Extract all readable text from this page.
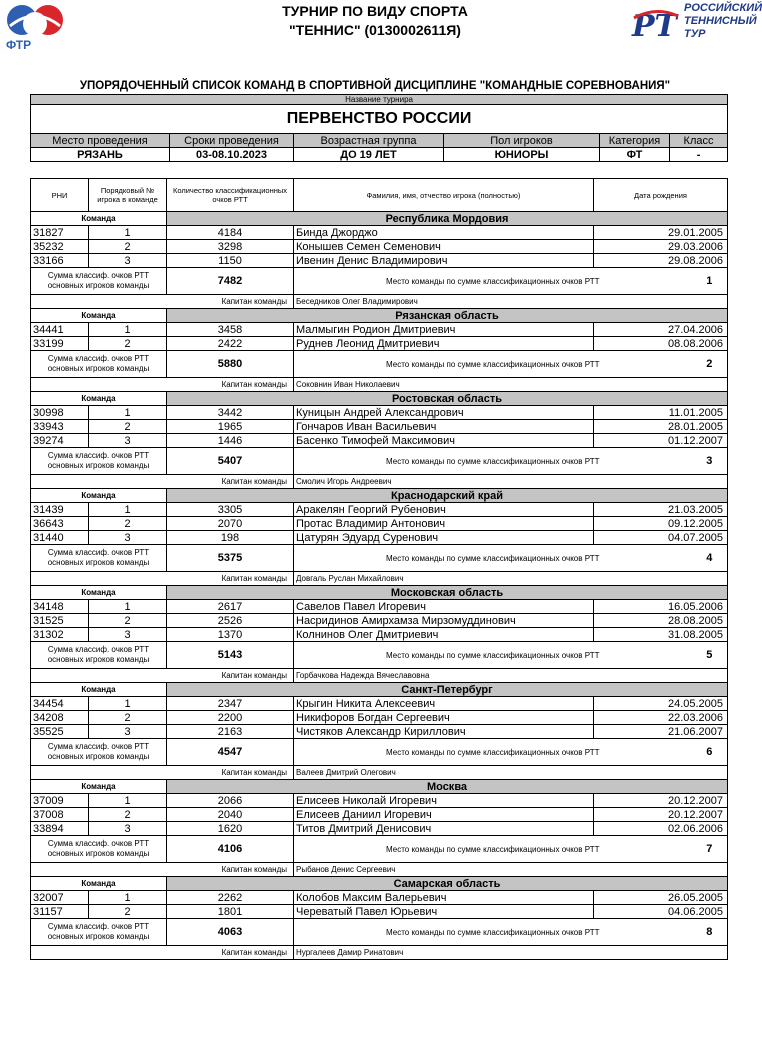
ФТР
ТУРНИР ПО ВИДУ СПОРТА
"ТЕННИС" (0130002611Я)	РТ
РОССИЙСКИЙ
ТЕННИСНЫЙ
ТУР
УПОРЯДОЧЕННЫЙ СПИСОК КОМАНД В СПОРТИВНОЙ ДИСЦИПЛИНЕ "КОМАНДНЫЕ СОРЕВНОВАНИЯ"
Название турнира					
ПЕРВЕНСТВО РОССИИ					
Место проведения	Сроки проведения	Возрастная группа	Пол игроков	Категория	Класс
РЯЗАНЬ	03-08.10.2023	ДО 19 ЛЕТ	ЮНИОРЫ	ФТ	-
РНИ	Порядковый № игрока в команде	Количество классификационных очков РТТ	Фамилия, имя, отчество игрока (полностью)	Дата рождения	
Команда		Республика Мордовия			
31827	1	4184	Бинда Джорджо	29.01.2005	
35232	2	3298	Конышев Семен Семенович	29.03.2006	
33166	3	1150	Ивенин Денис Владимирович	29.08.2006	
Сумма классиф. очков РТТ основных игроков команды		7482	Место команды по сумме классификационных очков РТТ		1
Капитан команды			Беседников Олег Владимирович		
Команда		Рязанская область			
34441	1	3458	Малмыгин Родион Дмитриевич	27.04.2006	
33199	2	2422	Руднев Леонид Дмитриевич	08.08.2006	
Сумма классиф. очков РТТ основных игроков команды		5880	Место команды по сумме классификационных очков РТТ		2
Капитан команды			Соковнин Иван Николаевич		
Команда		Ростовская область			
30998	1	3442	Куницын Андрей Александрович	11.01.2005	
33943	2	1965	Гончаров Иван Васильевич	28.01.2005	
39274	3	1446	Басенко Тимофей Максимович	01.12.2007	
Сумма классиф. очков РТТ основных игроков команды		5407	Место команды по сумме классификационных очков РТТ		3
Капитан команды			Смолич Игорь Андреевич		
Команда		Краснодарский край			
31439	1	3305	Аракелян Георгий Рубенович	21.03.2005	
36643	2	2070	Протас Владимир Антонович	09.12.2005	
31440	3	198	Цатурян Эдуард Суренович	04.07.2005	
Сумма классиф. очков РТТ основных игроков команды		5375	Место команды по сумме классификационных очков РТТ		4
Капитан команды			Довгаль Руслан Михайлович		
Команда		Московская область			
34148	1	2617	Савелов Павел Игоревич	16.05.2006	
31525	2	2526	Насридинов Амирхамза Мирзомуддинович	28.08.2005	
31302	3	1370	Колнинов Олег Дмитриевич	31.08.2005	
Сумма классиф. очков РТТ основных игроков команды		5143	Место команды по сумме классификационных очков РТТ		5
Капитан команды			Горбачкова Надежда Вячеславовна		
Команда		Санкт-Петербург			
34454	1	2347	Крыгин Никита Алексеевич	24.05.2005	
34208	2	2200	Никифоров Богдан Сергеевич	22.03.2006	
35525	3	2163	Чистяков Александр Кириллович	21.06.2007	
Сумма классиф. очков РТТ основных игроков команды		4547	Место команды по сумме классификационных очков РТТ		6
Капитан команды			Валеев Дмитрий Олегович		
Команда		Москва			
37009	1	2066	Елисеев Николай Игоревич	20.12.2007	
37008	2	2040	Елисеев Даниил Игоревич	20.12.2007	
33894	3	1620	Титов Дмитрий Денисович	02.06.2006	
Сумма классиф. очков РТТ основных игроков команды		4106	Место команды по сумме классификационных очков РТТ		7
Капитан команды			Рыбанов Денис Сергеевич		
Команда		Самарская область			
32007	1	2262	Колобов Максим Валерьевич	26.05.2005	
31157	2	1801	Череватый Павел Юрьевич	04.06.2005	
Сумма классиф. очков РТТ основных игроков команды		4063	Место команды по сумме классификационных очков РТТ		8
Капитан команды			Нургалеев Дамир Ринатович		
